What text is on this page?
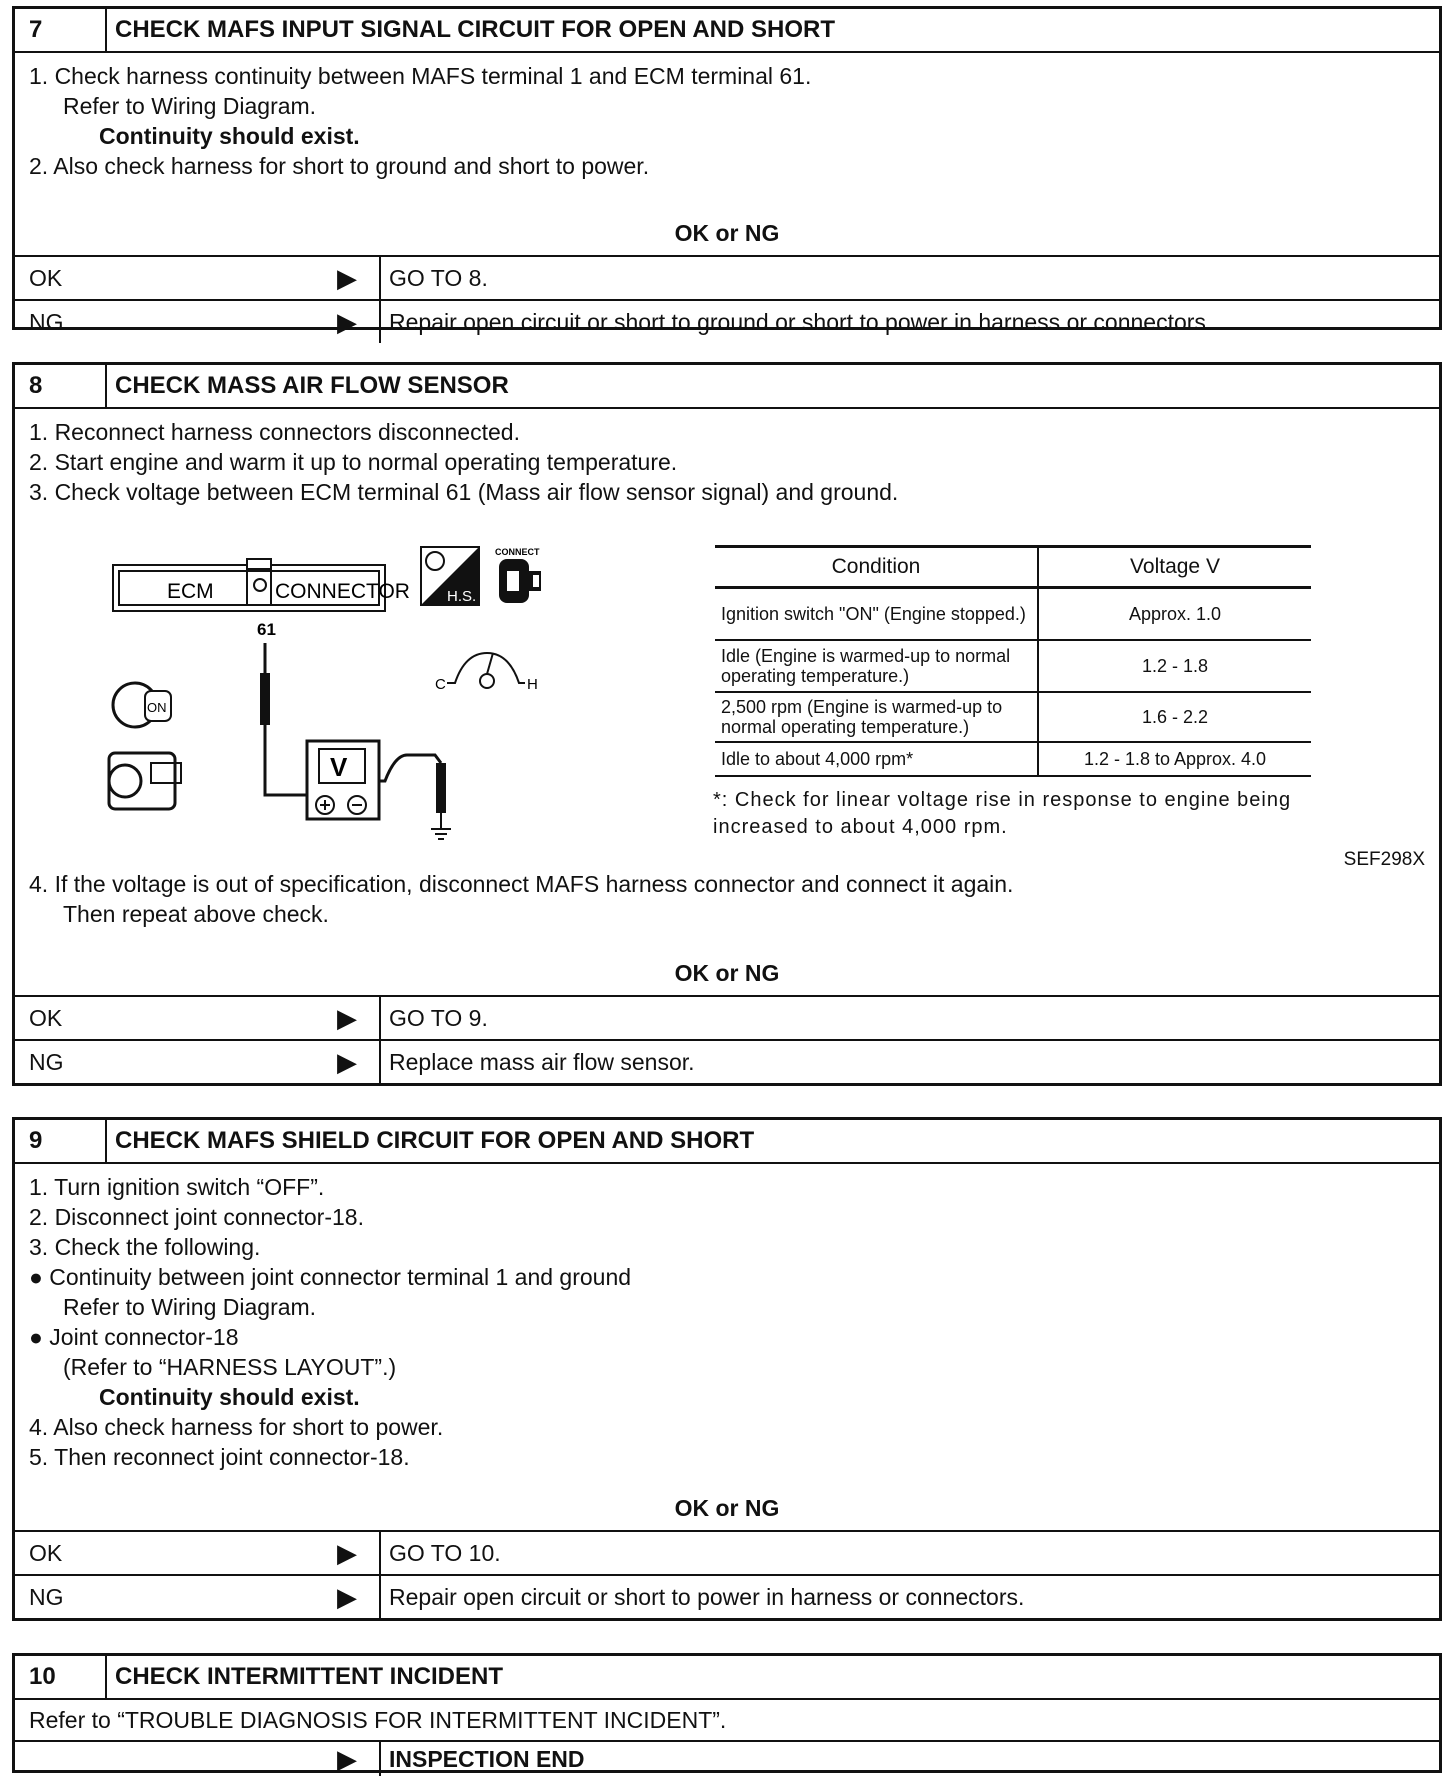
7	CHECK MAFS INPUT SIGNAL CIRCUIT FOR OPEN AND SHORT

1. Check harness continuity between MAFS terminal 1 and ECM terminal 61.

Refer to Wiring Diagram.

Continuity should exist.

2. Also check harness for short to ground and short to power.

OK or NG
OK	▶	GO TO 8.
NG	▶	Repair open circuit or short to ground or short to power in harness or connectors.
8	CHECK MASS AIR FLOW SENSOR

1. Reconnect harness connectors disconnected.

2. Start engine and warm it up to normal operating temperature.

3. Check voltage between ECM terminal 61 (Mass air flow sensor signal) and ground.

ECM	CONNECTOR
61
V
ON
C	H
H.S.
CONNECT
Condition	Voltage V
Ignition switch "ON" (Engine stopped.)	Approx. 1.0
Idle (Engine is warmed-up to normal operating temperature.)	1.2 - 1.8
2,500 rpm (Engine is warmed-up to normal operating temperature.)	1.6 - 2.2
Idle to about 4,000 rpm*	1.2 - 1.8 to Approx. 4.0
*: Check for linear voltage rise in response to engine being increased to about 4,000 rpm.
SEF298X

4. If the voltage is out of specification, disconnect MAFS harness connector and connect it again.

Then repeat above check.

OK or NG
OK	▶	GO TO 9.
NG	▶	Replace mass air flow sensor.
9	CHECK MAFS SHIELD CIRCUIT FOR OPEN AND SHORT

1. Turn ignition switch “OFF”.

2. Disconnect joint connector-18.

3. Check the following.

● Continuity between joint connector terminal 1 and ground

Refer to Wiring Diagram.

● Joint connector-18

(Refer to “HARNESS LAYOUT”.)

Continuity should exist.

4. Also check harness for short to power.

5. Then reconnect joint connector-18.

OK or NG
OK	▶	GO TO 10.
NG	▶	Repair open circuit or short to power in harness or connectors.
10	CHECK INTERMITTENT INCIDENT
Refer to “TROUBLE DIAGNOSIS FOR INTERMITTENT INCIDENT”.
▶	INSPECTION END
